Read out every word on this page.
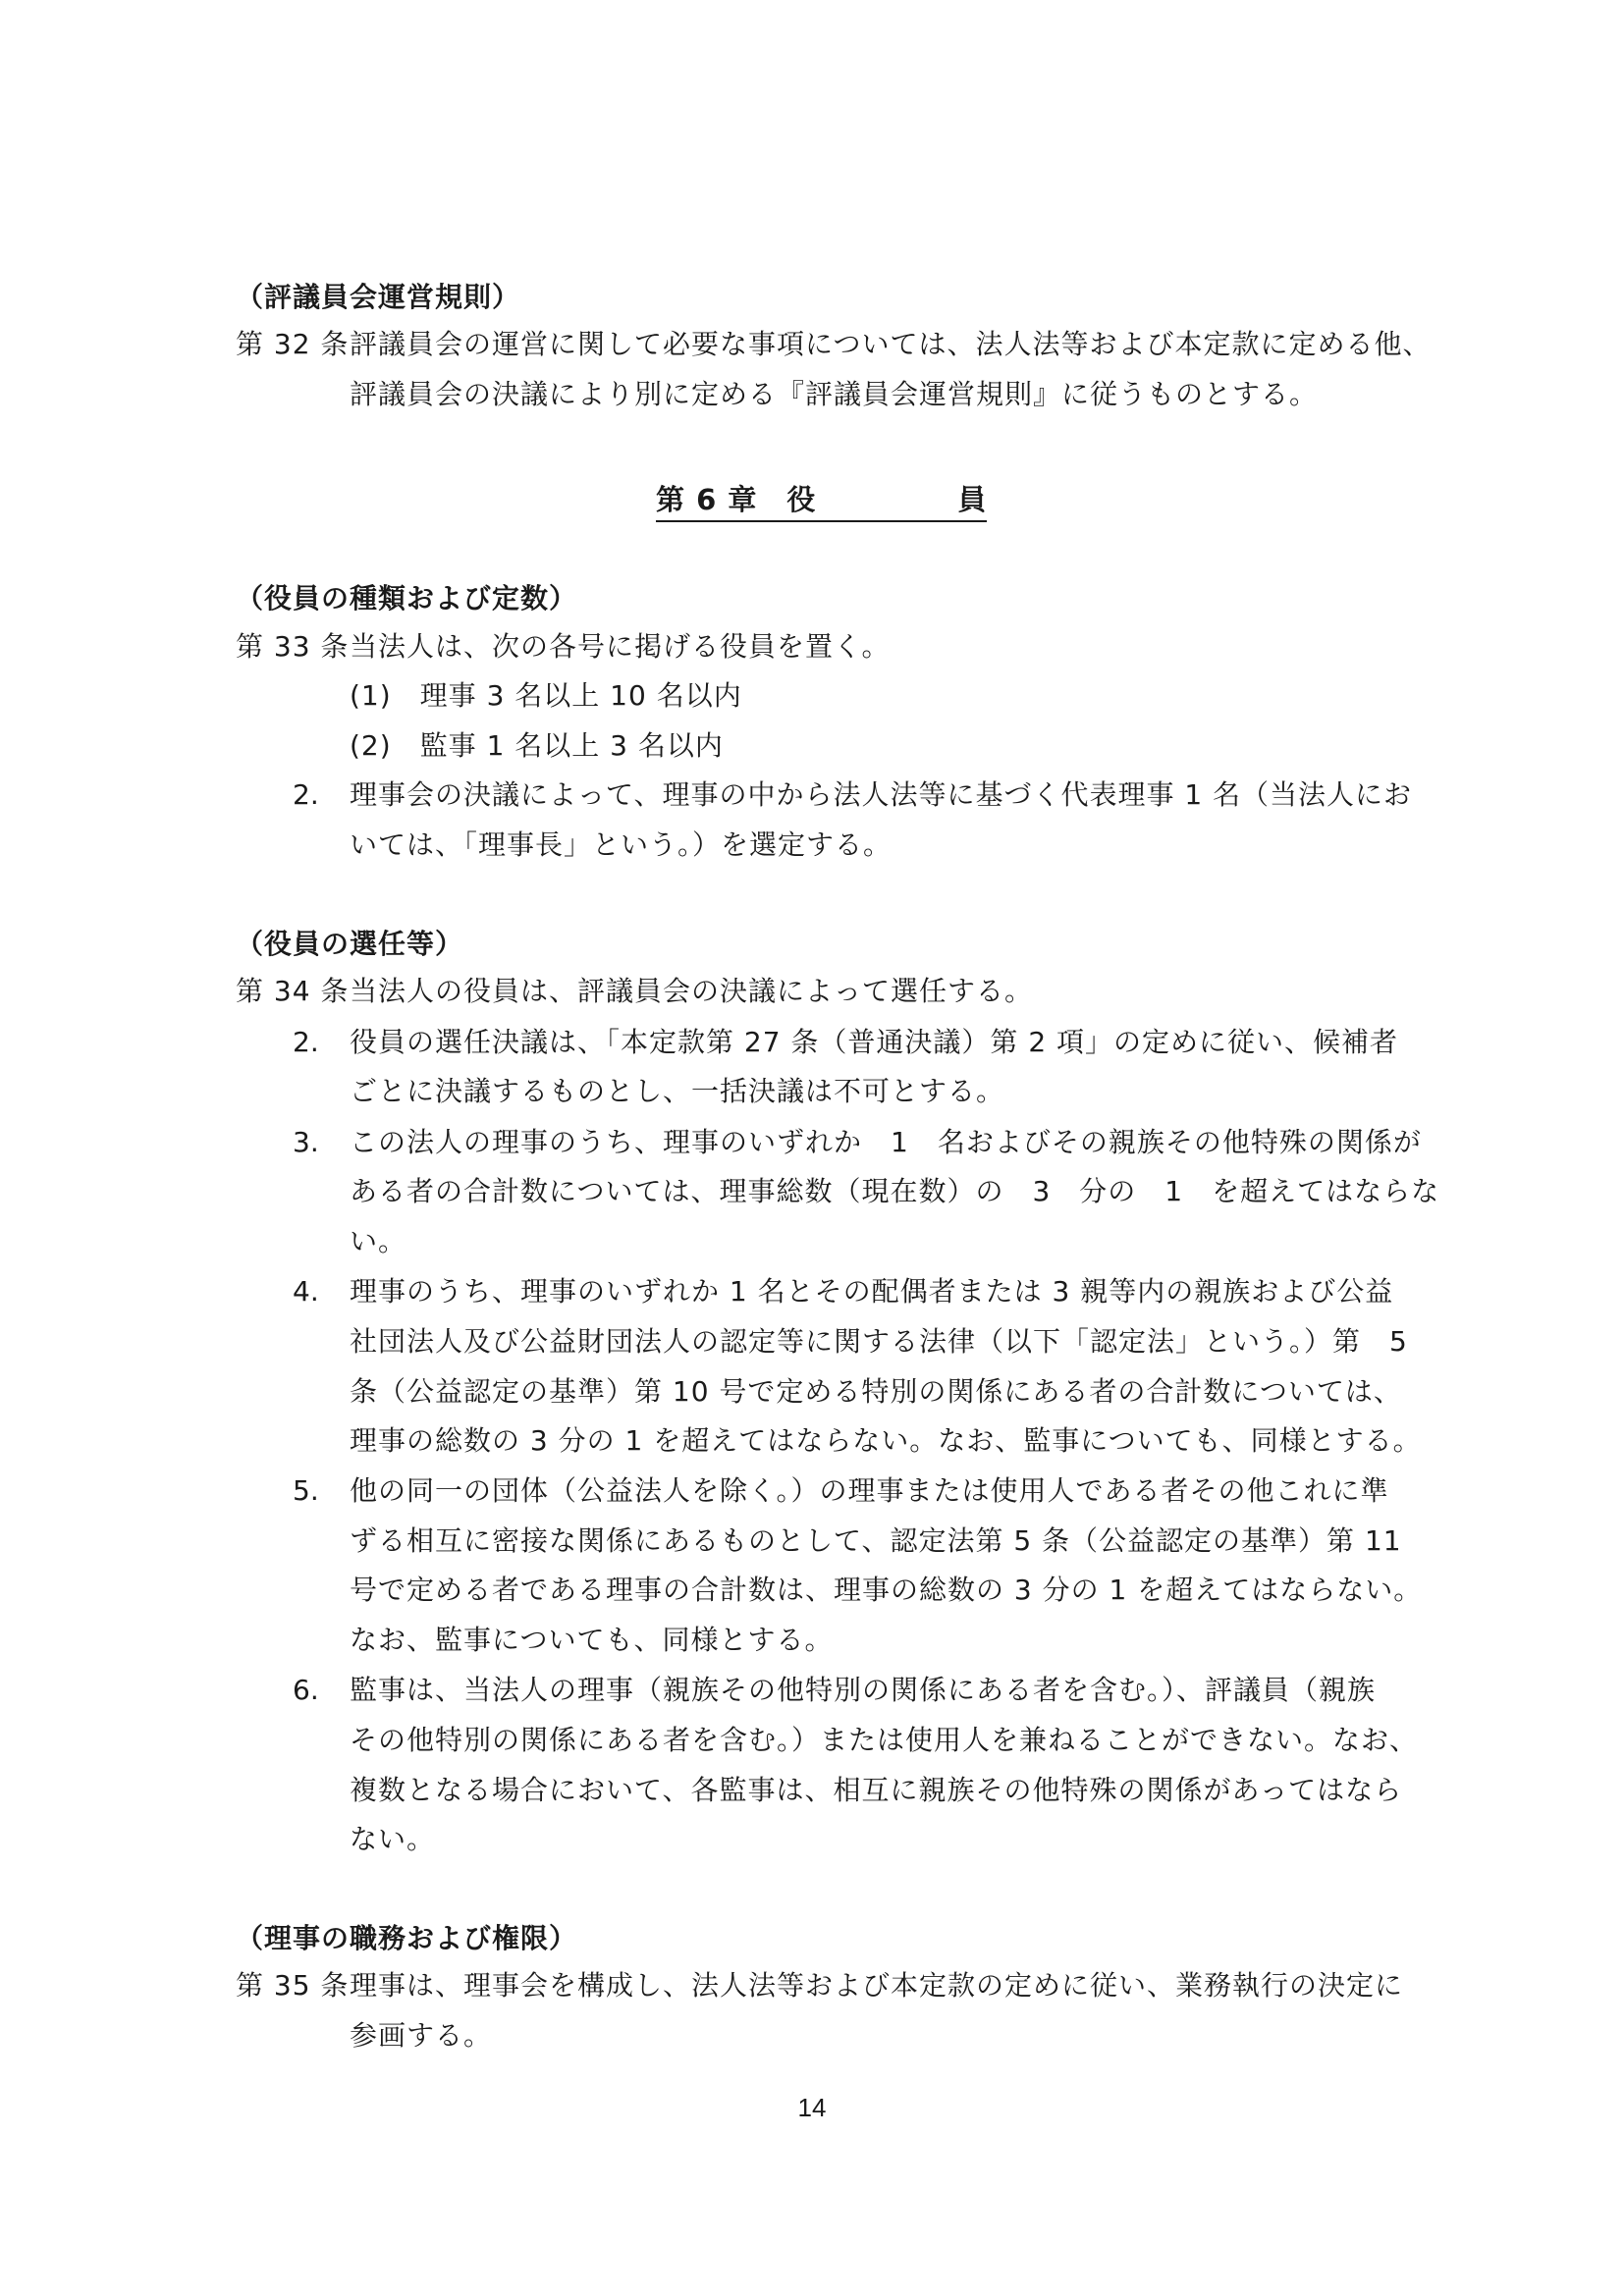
（評議員会運営規則）
第 32 条 評議員会の運営に関して必要な事項については、法人法等および本定款に定める他、
評議員会の決議により別に定める『評議員会運営規則』に従うものとする。
第 6 章　役	員
（役員の種類および定数）
第 33 条 当法人は、次の各号に掲げる役員を置く。
(1)　理事 3 名以上 10 名以内
(2)　監事 1 名以上 3 名以内
2. 理事会の決議によって、理事の中から法人法等に基づく代表理事 1 名（当法人にお
いては、「理事長」という。）を選定する。
（役員の選任等）
第 34 条 当法人の役員は、評議員会の決議によって選任する。
2. 役員の選任決議は、「本定款第 27 条（普通決議）第 2 項」の定めに従い、候補者
ごとに決議するものとし、一括決議は不可とする。
3. この法人の理事のうち、理事のいずれか　1　名およびその親族その他特殊の関係が
ある者の合計数については、理事総数（現在数）の　3　分の　1　を超えてはならな
い。
4. 理事のうち、理事のいずれか 1 名とその配偶者または 3 親等内の親族および公益
社団法人及び公益財団法人の認定等に関する法律（以下「認定法」という。）第　5
条（公益認定の基準）第 10 号で定める特別の関係にある者の合計数については、
理事の総数の 3 分の 1 を超えてはならない。なお、監事についても、同様とする。
5. 他の同一の団体（公益法人を除く。）の理事または使用人である者その他これに準
ずる相互に密接な関係にあるものとして、認定法第 5 条（公益認定の基準）第 11
号で定める者である理事の合計数は、理事の総数の 3 分の 1 を超えてはならない。
なお、監事についても、同様とする。
6. 監事は、当法人の理事（親族その他特別の関係にある者を含む。）、評議員（親族
その他特別の関係にある者を含む。）または使用人を兼ねることができない。なお、
複数となる場合において、各監事は、相互に親族その他特殊の関係があってはなら
ない。
（理事の職務および権限）
第 35 条 理事は、理事会を構成し、法人法等および本定款の定めに従い、業務執行の決定に
参画する。
14
